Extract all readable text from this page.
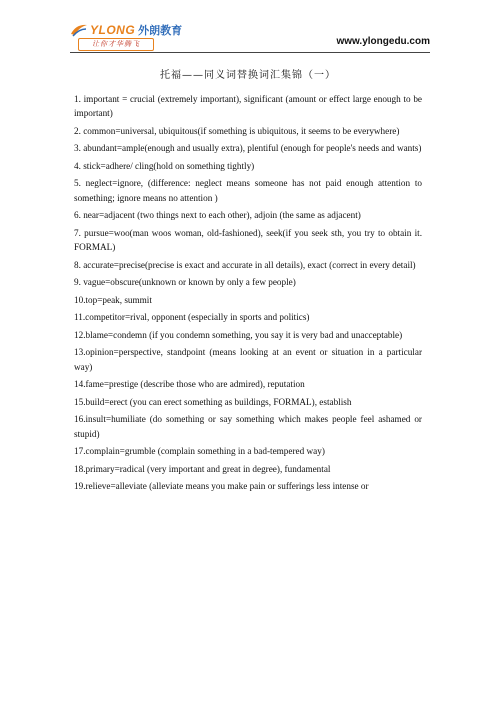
YLONG 外朗教育
让你才华腾飞	www.ylongedu.com
托福——同义词替换词汇集锦（一）

1. important = crucial (extremely important), significant (amount or effect large enough to be important)

2. common=universal, ubiquitous(if something is ubiquitous, it seems to be everywhere)

3. abundant=ample(enough and usually extra), plentiful (enough for people's needs and wants)

4. stick=adhere/ cling(hold on something tightly)

5. neglect=ignore, (difference: neglect means someone has not paid enough attention to something; ignore means no attention )

6. near=adjacent (two things next to each other), adjoin (the same as adjacent)

7. pursue=woo(man woos woman, old-fashioned), seek(if you seek sth, you try to obtain it. FORMAL)

8. accurate=precise(precise is exact and accurate in all details), exact (correct in every detail)

9. vague=obscure(unknown or known by only a few people)

10.top=peak, summit

11.competitor=rival, opponent (especially in sports and politics)

12.blame=condemn (if you condemn something, you say it is very bad and unacceptable)

13.opinion=perspective, standpoint (means looking at an event or situation in a particular way)

14.fame=prestige (describe those who are admired), reputation

15.build=erect (you can erect something as buildings, FORMAL), establish

16.insult=humiliate (do something or say something which makes people feel ashamed or stupid)

17.complain=grumble (complain something in a bad-tempered way)

18.primary=radical (very important and great in degree), fundamental

19.relieve=alleviate (alleviate means you make pain or sufferings less intense or
